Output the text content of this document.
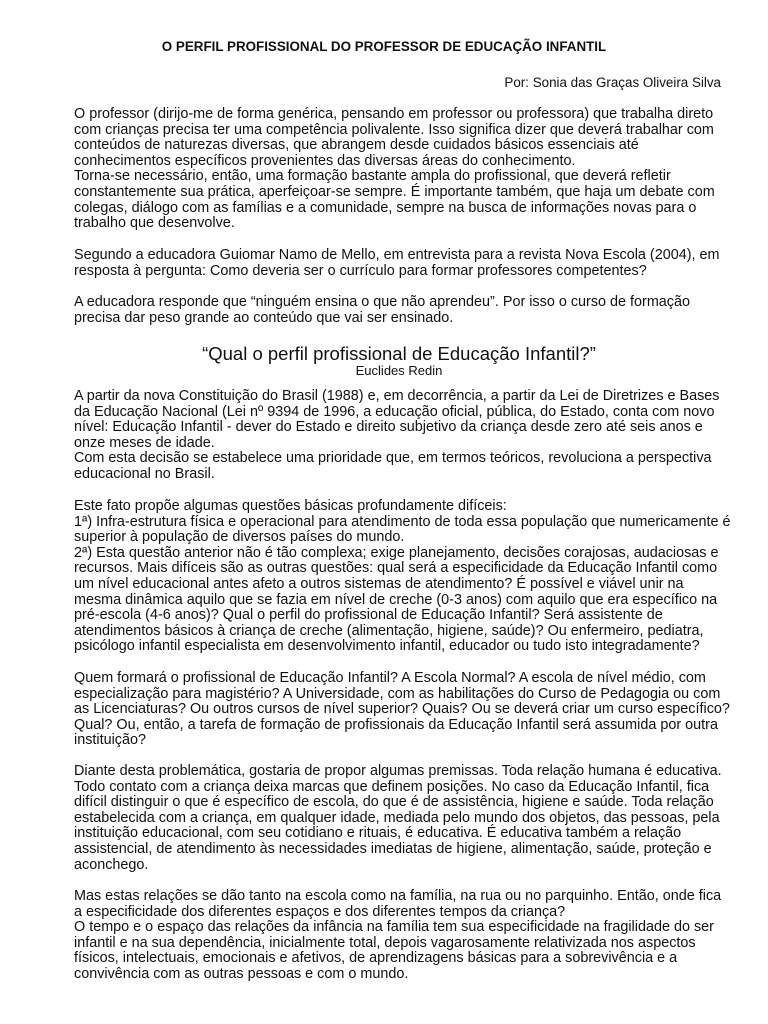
O PERFIL PROFISSIONAL DO PROFESSOR DE EDUCAÇÃO INFANTIL
Por: Sonia das Graças Oliveira Silva
O professor (dirijo-me de forma genérica, pensando em professor ou professora) que trabalha direto
com crianças precisa ter uma competência polivalente. Isso significa dizer que deverá trabalhar com
conteúdos de naturezas diversas, que abrangem desde cuidados básicos essenciais até
conhecimentos específicos provenientes das diversas áreas do conhecimento.
Torna-se necessário, então, uma formação bastante ampla do profissional, que deverá refletir
constantemente sua prática, aperfeiçoar-se sempre. É importante também, que haja um debate com
colegas, diálogo com as famílias e a comunidade, sempre na busca de informações novas para o
trabalho que desenvolve.
Segundo a educadora Guiomar Namo de Mello, em entrevista para a revista Nova Escola (2004), em
resposta à pergunta: Como deveria ser o currículo para formar professores competentes?
A educadora responde que “ninguém ensina o que não aprendeu”. Por isso o curso de formação
precisa dar peso grande ao conteúdo que vai ser ensinado.
“Qual o perfil profissional de Educação Infantil?”
Euclides Redin
A partir da nova Constituição do Brasil (1988) e, em decorrência, a partir da Lei de Diretrizes e Bases
da Educação Nacional (Lei nº 9394 de 1996, a educação oficial, pública, do Estado, conta com novo
nível: Educação Infantil - dever do Estado e direito subjetivo da criança desde zero até seis anos e
onze meses de idade.
Com esta decisão se estabelece uma prioridade que, em termos teóricos, revoluciona a perspectiva
educacional no Brasil.
Este fato propõe algumas questões básicas profundamente difíceis:
1ª) Infra-estrutura física e operacional para atendimento de toda essa população que numericamente é
superior à população de diversos países do mundo.
2ª) Esta questão anterior não é tão complexa; exige planejamento, decisões corajosas, audaciosas e
recursos. Mais difíceis são as outras questões: qual será a especificidade da Educação Infantil como
um nível educacional antes afeto a outros sistemas de atendimento? É possível e viável unir na
mesma dinâmica aquilo que se fazia em nível de creche (0-3 anos) com aquilo que era específico na
pré-escola (4-6 anos)? Qual o perfil do profissional de Educação Infantil? Será assistente de
atendimentos básicos à criança de creche (alimentação, higiene, saúde)? Ou enfermeiro, pediatra,
psicólogo infantil especialista em desenvolvimento infantil, educador ou tudo isto integradamente?
Quem formará o profissional de Educação Infantil? A Escola Normal? A escola de nível médio, com
especialização para magistério? A Universidade, com as habilitações do Curso de Pedagogia ou com
as Licenciaturas? Ou outros cursos de nível superior? Quais? Ou se deverá criar um curso específico?
Qual? Ou, então, a tarefa de formação de profissionais da Educação Infantil será assumida por outra
instituição?
Diante desta problemática, gostaria de propor algumas premissas. Toda relação humana é educativa.
Todo contato com a criança deixa marcas que definem posições. No caso da Educação Infantil, fica
difícil distinguir o que é específico de escola, do que é de assistência, higiene e saúde. Toda relação
estabelecida com a criança, em qualquer idade, mediada pelo mundo dos objetos, das pessoas, pela
instituição educacional, com seu cotidiano e rituais, é educativa. É educativa também a relação
assistencial, de atendimento às necessidades imediatas de higiene, alimentação, saúde, proteção e
aconchego.
Mas estas relações se dão tanto na escola como na família, na rua ou no parquinho. Então, onde fica
a especificidade dos diferentes espaços e dos diferentes tempos da criança?
O tempo e o espaço das relações da infância na família tem sua especificidade na fragilidade do ser
infantil e na sua dependência, inicialmente total, depois vagarosamente relativizada nos aspectos
físicos, intelectuais, emocionais e afetivos, de aprendizagens básicas para a sobrevivência e a
convivência com as outras pessoas e com o mundo.
